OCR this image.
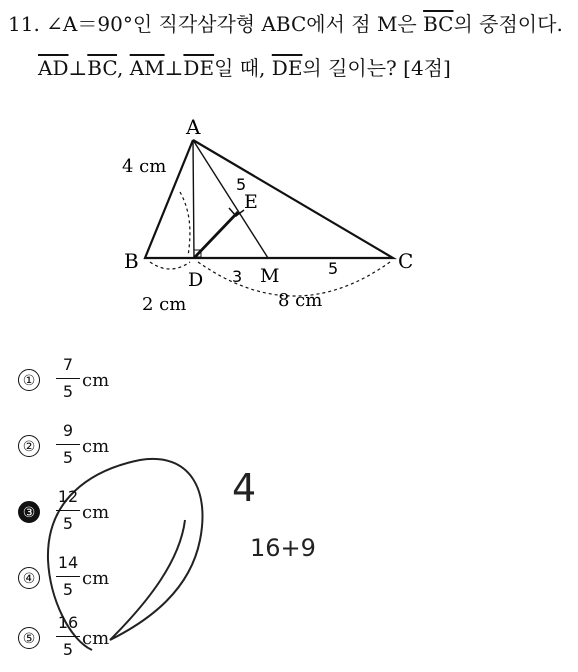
11. ∠A＝90°인 직각삼각형 ABC에서 점 M은 $\overline{BC}$의 중점이다.
$\overline{AD}\perp\overline{BC}$, $\overline{AM}\perp\overline{DE}$일 때, $\overline{DE}$의 길이는? [4점]
A
B	C
D
E
M
4 cm
2 cm	8 cm
5
3	5
4
16+9
①
7
5
cm
②
9
5
cm
③
12
5
cm
④
14
5
cm
⑤
16
5
cm
